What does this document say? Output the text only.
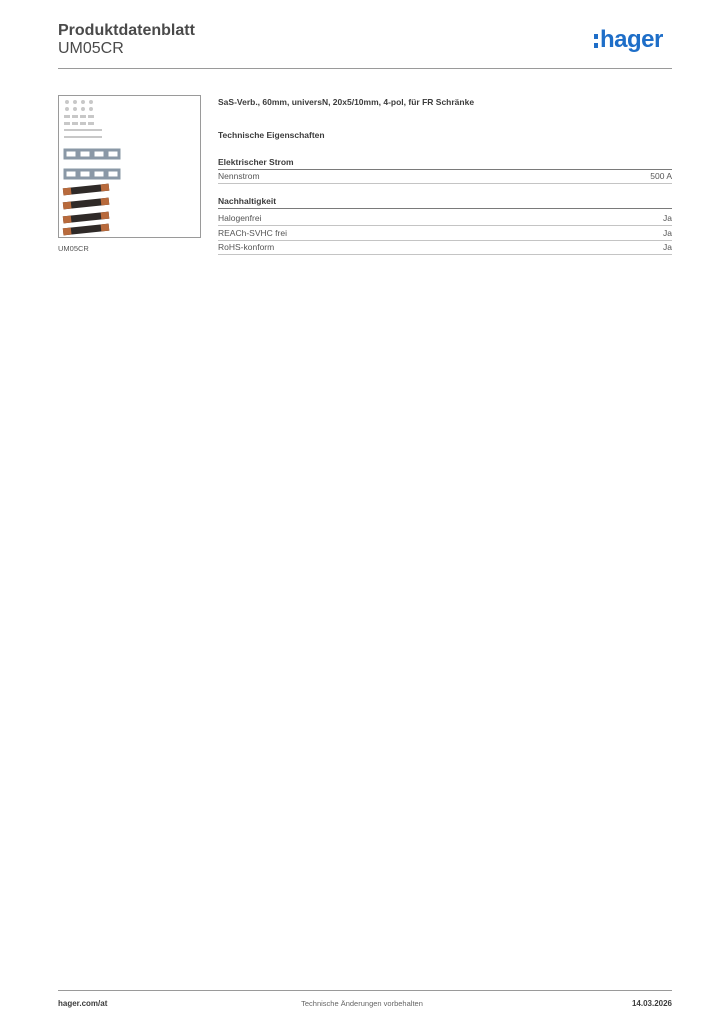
Produktdatenblatt
UM05CR	hager
UM05CR
SaS-Verb., 60mm, universN, 20x5/10mm, 4-pol, für FR Schränke
Technische Eigenschaften
Elektrischer Strom
Nennstrom	500 A
Nachhaltigkeit
Halogenfrei	Ja
REACh-SVHC frei	Ja
RoHS-konform	Ja
hager.com/at	Technische Änderungen vorbehalten	14.03.2026
